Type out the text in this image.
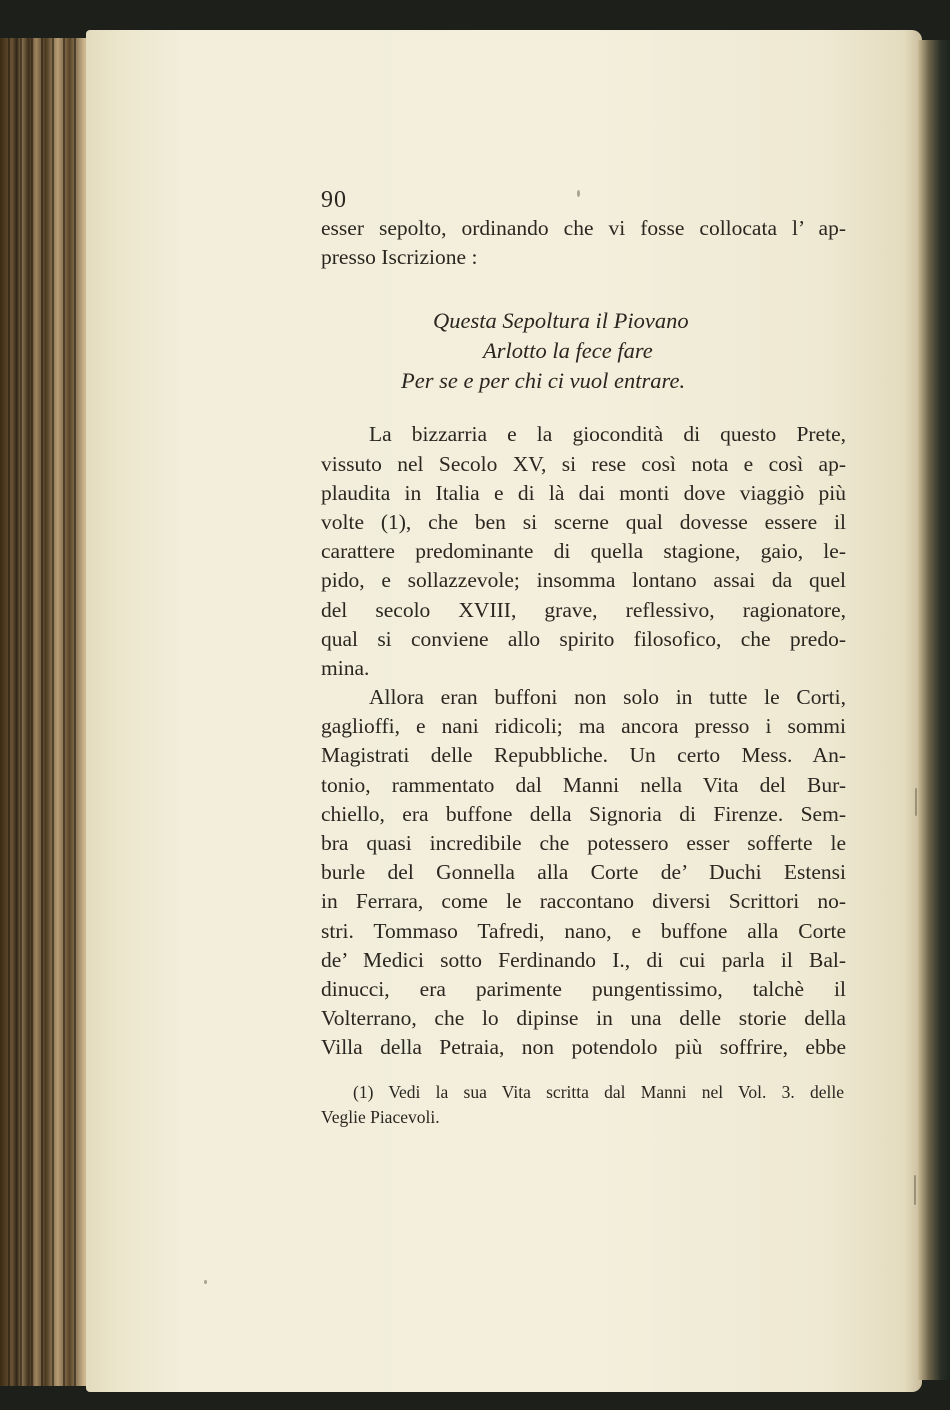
90
esser sepolto, ordinando che vi fosse collocata l’ ap-
presso Iscrizione :
Questa Sepoltura il Piovano
Arlotto la fece fare
Per se e per chi ci vuol entrare.
La bizzarria e la giocondità di questo Prete,
vissuto nel Secolo XV, si rese così nota e così ap-
plaudita in Italia e di là dai monti dove viaggiò più
volte (1), che ben si scerne qual dovesse essere il
carattere predominante di quella stagione, gaio, le-
pido, e sollazzevole; insomma lontano assai da quel
del secolo XVIII, grave, reflessivo, ragionatore,
qual si conviene allo spirito filosofico, che predo-
mina.
Allora eran buffoni non solo in tutte le Corti,
gaglioffi, e nani ridicoli; ma ancora presso i sommi
Magistrati delle Repubbliche. Un certo Mess. An-
tonio, rammentato dal Manni nella Vita del Bur-
chiello, era buffone della Signoria di Firenze. Sem-
bra quasi incredibile che potessero esser sofferte le
burle del Gonnella alla Corte de’ Duchi Estensi
in Ferrara, come le raccontano diversi Scrittori no-
stri. Tommaso Tafredi, nano, e buffone alla Corte
de’ Medici sotto Ferdinando I., di cui parla il Bal-
dinucci, era parimente pungentissimo, talchè il
Volterrano, che lo dipinse in una delle storie della
Villa della Petraia, non potendolo più soffrire, ebbe
(1) Vedi la sua Vita scritta dal Manni nel Vol. 3. delle
Veglie Piacevoli.
